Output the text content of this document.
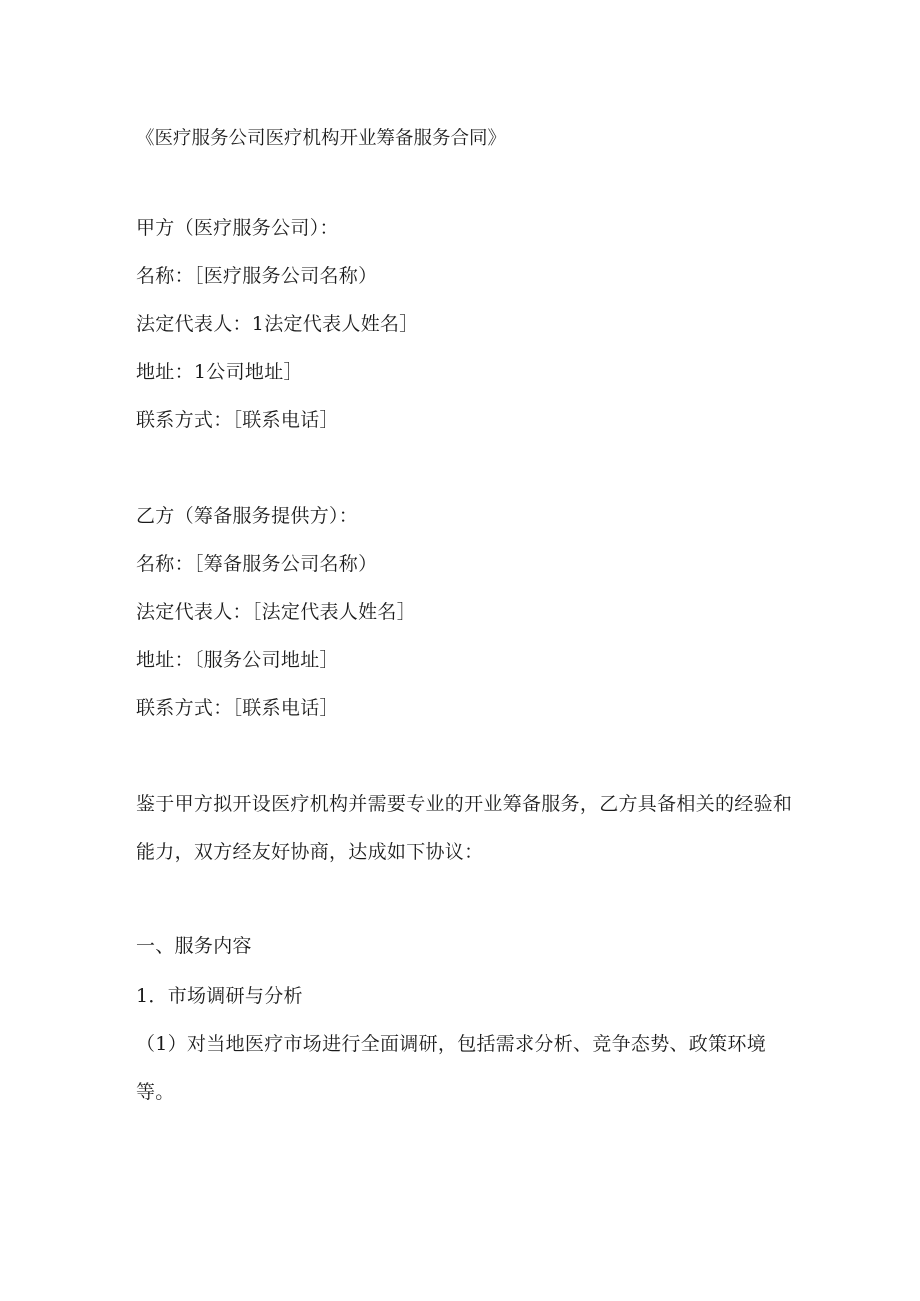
《医疗服务公司医疗机构开业筹备服务合同》
甲方（医疗服务公司）：
名称：［医疗服务公司名称）
法定代表人：1法定代表人姓名］
地址：1公司地址］
联系方式：［联系电话］
乙方（筹备服务提供方）：
名称：［筹备服务公司名称）
法定代表人：［法定代表人姓名］
地址：〔服务公司地址］
联系方式：［联系电话］
鉴于甲方拟开设医疗机构并需要专业的开业筹备服务，乙方具备相关的经验和
能力，双方经友好协商，达成如下协议：
一、服务内容
1．市场调研与分析
（1）对当地医疗市场进行全面调研，包括需求分析、竞争态势、政策环境
等。
